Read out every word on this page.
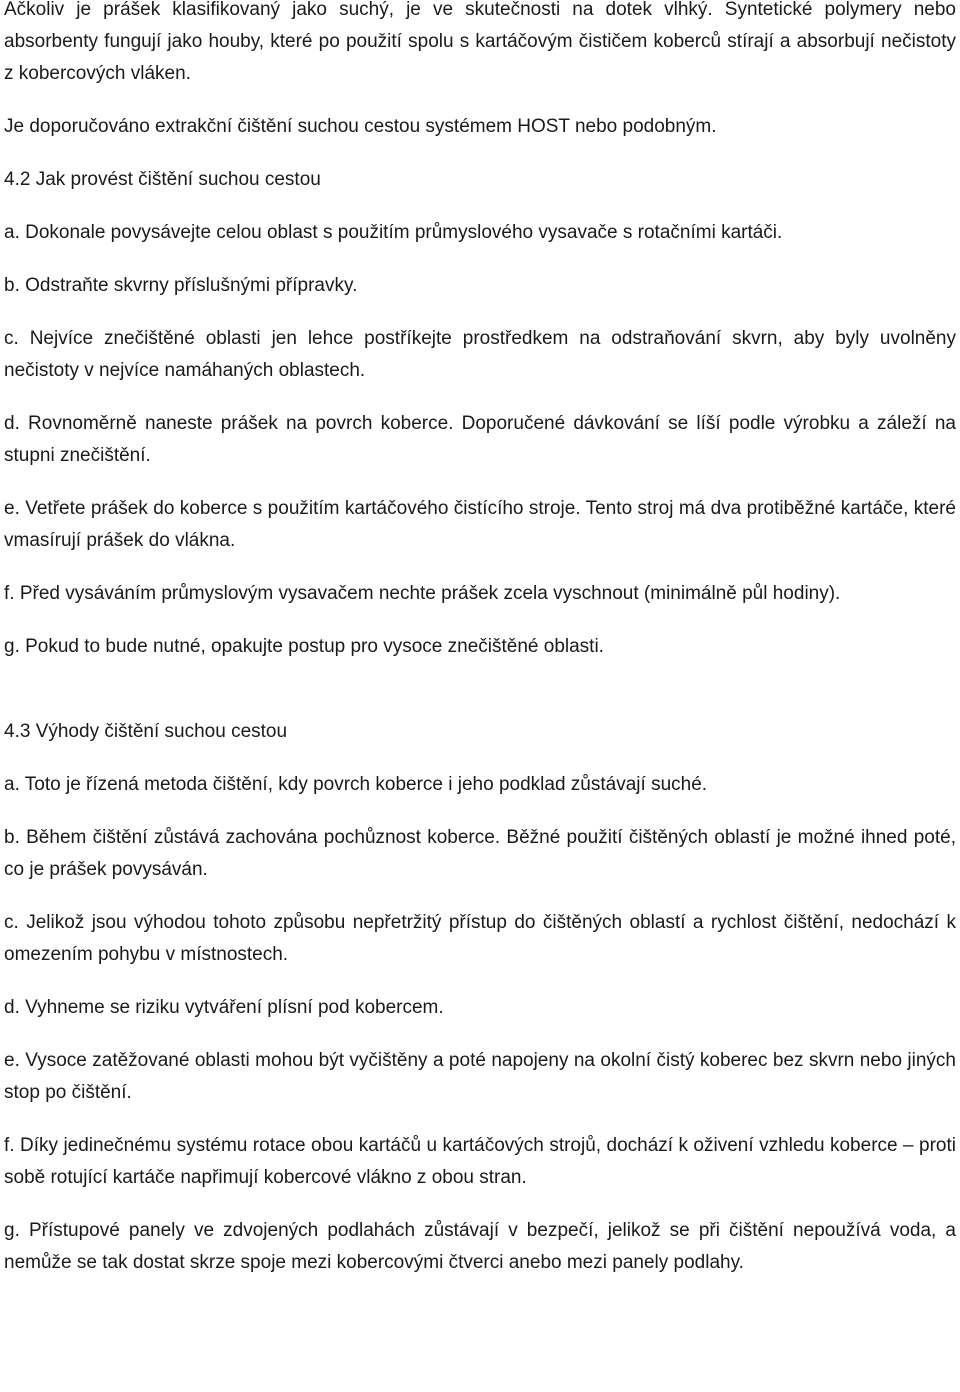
Ačkoliv je prášek klasifikovaný jako suchý, je ve skutečnosti na dotek vlhký. Syntetické polymery nebo absorbenty fungují jako houby, které po použití spolu s kartáčovým čističem koberců stírají a absorbují nečistoty z kobercových vláken.

Je doporučováno extrakční čištění suchou cestou systémem HOST nebo podobným.

4.2 Jak provést čištění suchou cestou

a. Dokonale povysávejte celou oblast s použitím průmyslového vysavače s rotačními kartáči.

b. Odstraňte skvrny příslušnými přípravky.

c. Nejvíce znečištěné oblasti jen lehce postříkejte prostředkem na odstraňování skvrn, aby byly uvolněny nečistoty v nejvíce namáhaných oblastech.

d. Rovnoměrně naneste prášek na povrch koberce. Doporučené dávkování se líší podle výrobku a záleží na stupni znečištění.

e. Vetřete prášek do koberce s použitím kartáčového čistícího stroje. Tento stroj má dva protiběžné kartáče, které vmasírují prášek do vlákna.

f. Před vysáváním průmyslovým vysavačem nechte prášek zcela vyschnout (minimálně půl hodiny).

g. Pokud to bude nutné, opakujte postup pro vysoce znečištěné oblasti.

4.3 Výhody čištění suchou cestou

a. Toto je řízená metoda čištění, kdy povrch koberce i jeho podklad zůstávají suché.

b. Během čištění zůstává zachována pochůznost koberce. Běžné použití čištěných oblastí je možné ihned poté, co je prášek povysáván.

c. Jelikož jsou výhodou tohoto způsobu nepřetržitý přístup do čištěných oblastí a rychlost čištění, nedochází k omezením pohybu v místnostech.

d. Vyhneme se riziku vytváření plísní pod kobercem.

e. Vysoce zatěžované oblasti mohou být vyčištěny a poté napojeny na okolní čistý koberec bez skvrn nebo jiných stop po čištění.

f. Díky jedinečnému systému rotace obou kartáčů u kartáčových strojů, dochází k oživení vzhledu koberce – proti sobě rotující kartáče napřimují kobercové vlákno z obou stran.

g. Přístupové panely ve zdvojených podlahách zůstávají v bezpečí, jelikož se při čištění nepoužívá voda, a nemůže se tak dostat skrze spoje mezi kobercovými čtverci anebo mezi panely podlahy.
